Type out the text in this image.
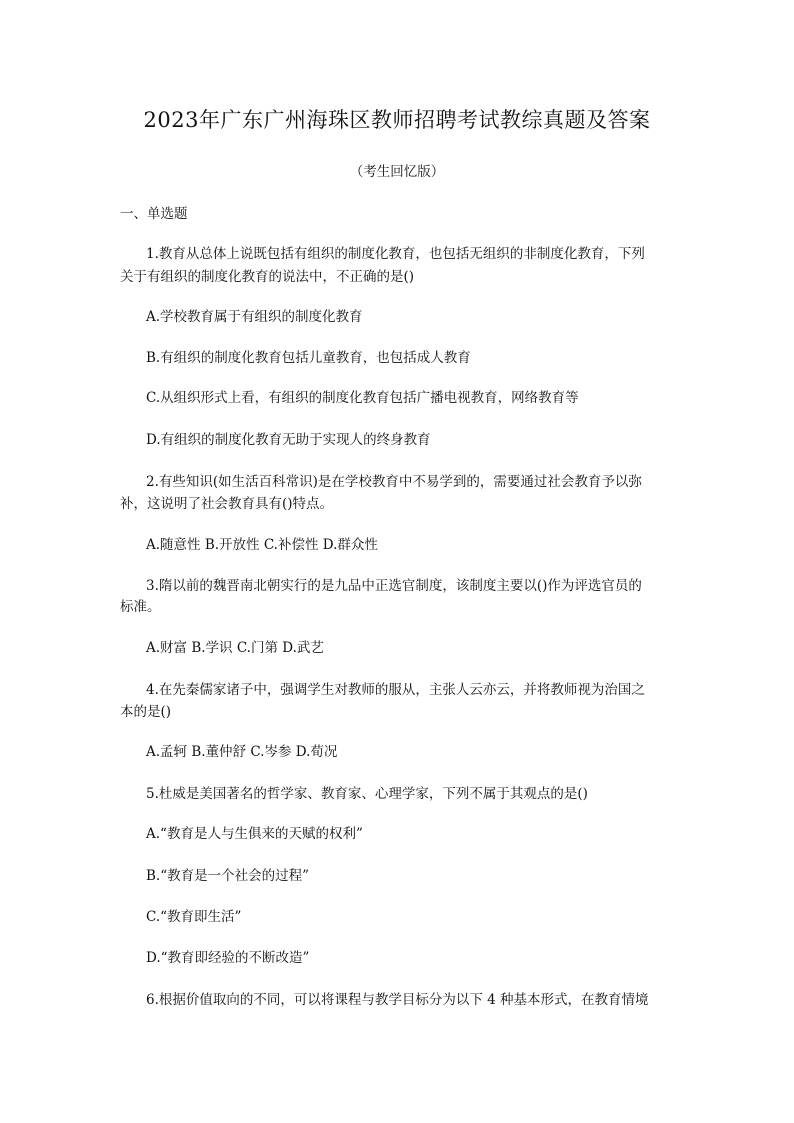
2023年广东广州海珠区教师招聘考试教综真题及答案
（考生回忆版）
一、单选题
1.教育从总体上说既包括有组织的制度化教育，也包括无组织的非制度化教育，下列
关于有组织的制度化教育的说法中，不正确的是()
A.学校教育属于有组织的制度化教育
B.有组织的制度化教育包括儿童教育，也包括成人教育
C.从组织形式上看，有组织的制度化教育包括广播电视教育，网络教育等
D.有组织的制度化教育无助于实现人的终身教育
2.有些知识(如生活百科常识)是在学校教育中不易学到的，需要通过社会教育予以弥
补，这说明了社会教育具有()特点。
A.随意性 B.开放性 C.补偿性 D.群众性
3.隋以前的魏晋南北朝实行的是九品中正选官制度，该制度主要以()作为评选官员的
标准。
A.财富 B.学识 C.门第 D.武艺
4.在先秦儒家诸子中，强调学生对教师的服从，主张人云亦云，并将教师视为治国之
本的是()
A.孟轲 B.董仲舒 C.岑参 D.荀况
5.杜威是美国著名的哲学家、教育家、心理学家，下列不属于其观点的是()
A.“教育是人与生俱来的天赋的权利”
B.“教育是一个社会的过程”
C.“教育即生活”
D.“教育即经验的不断改造”
6.根据价值取向的不同，可以将课程与教学目标分为以下 4 种基本形式，在教育情境
